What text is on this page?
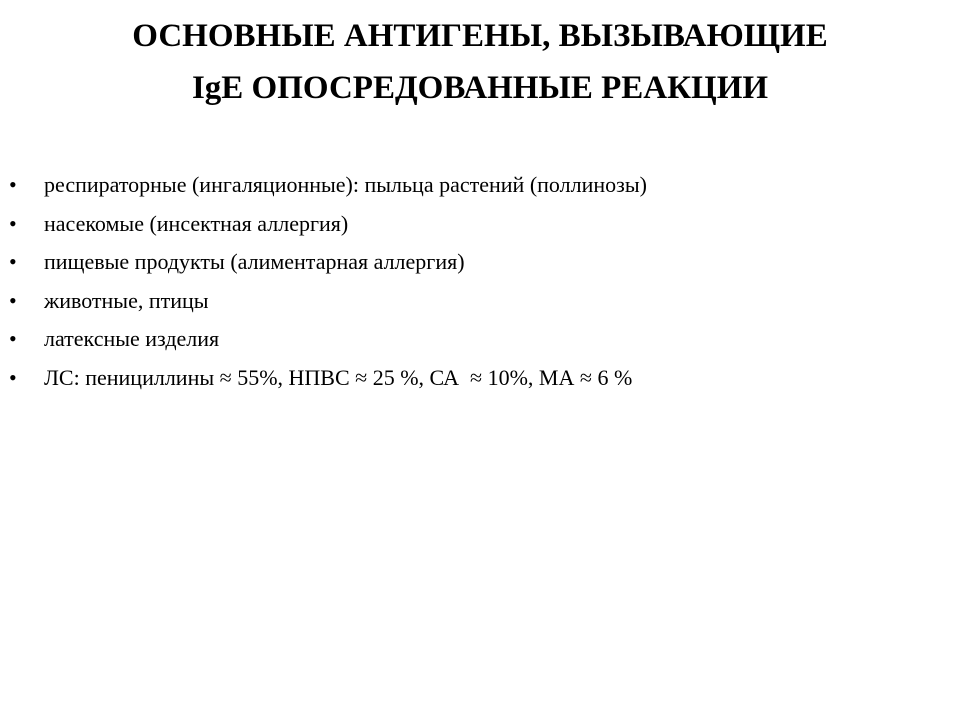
ОСНОВНЫЕ АНТИГЕНЫ, ВЫЗЫВАЮЩИЕ
IgE ОПОСРЕДОВАННЫЕ РЕАКЦИИ
• респираторные (ингаляционные): пыльца растений (поллинозы)
• насекомые (инсектная аллергия)
• пищевые продукты (алиментарная аллергия)
• животные, птицы
• латексные изделия
• ЛС: пенициллины ≈ 55%, НПВС ≈ 25 %, СА  ≈ 10%, МА ≈ 6 %
